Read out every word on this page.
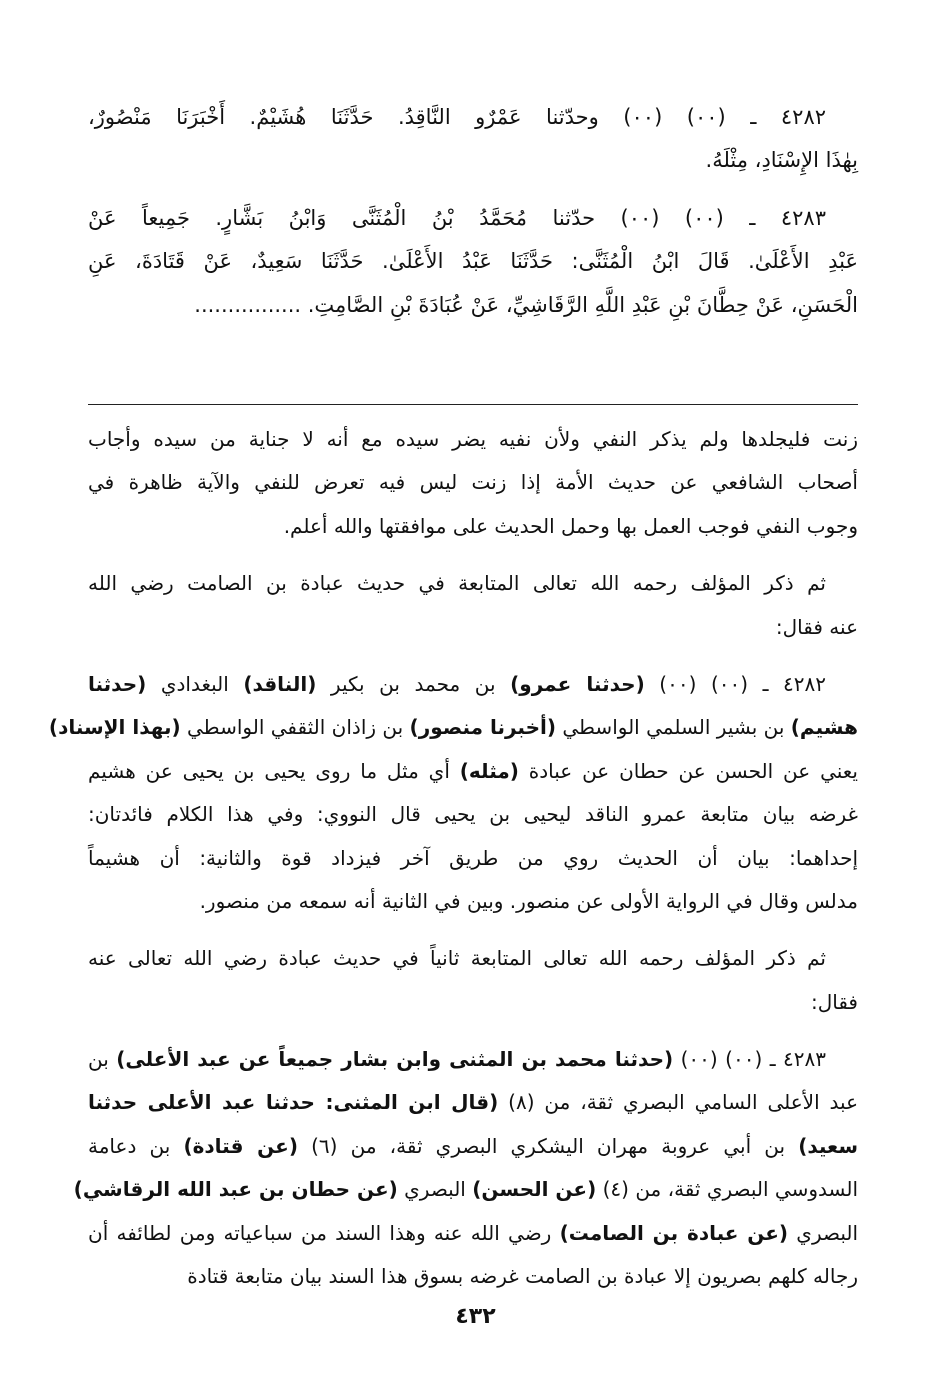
٤٢٨٢ ـ (٠٠) (٠٠) وحدّثنا عَمْرٌو النَّاقِدُ. حَدَّثَنَا هُشَيْمٌ. أَخْبَرَنَا مَنْصُورٌ،
بِهٰذَا الإِسْنَادِ، مِثْلَهُ.
٤٢٨٣ ـ (٠٠) (٠٠) حدّثنا مُحَمَّدُ بْنُ الْمُثَنَّى وَابْنُ بَشَّارٍ. جَمِيعاً عَنْ
عَبْدِ الأَعْلَىٰ. قَالَ ابْنُ الْمُثَنَّى: حَدَّثَنَا عَبْدُ الأَعْلَىٰ. حَدَّثَنَا سَعِيدٌ، عَنْ قَتَادَةَ، عَنِ
الْحَسَنِ، عَنْ حِطَّانَ بْنِ عَبْدِ اللَّهِ الرَّقَاشِيِّ، عَنْ عُبَادَةَ بْنِ الصَّامِتِ. ................
زنت فليجلدها ولم يذكر النفي ولأن نفيه يضر سيده مع أنه لا جناية من سيده وأجاب
أصحاب الشافعي عن حديث الأمة إذا زنت ليس فيه تعرض للنفي والآية ظاهرة في
وجوب النفي فوجب العمل بها وحمل الحديث على موافقتها والله أعلم.
ثم ذكر المؤلف رحمه الله تعالى المتابعة في حديث عبادة بن الصامت رضي الله
عنه فقال:
٤٢٨٢ ـ (٠٠) (٠٠) (حدثنا عمرو) بن محمد بن بكير (الناقد) البغدادي (حدثنا
هشيم) بن بشير السلمي الواسطي (أخبرنا منصور) بن زاذان الثقفي الواسطي (بهذا الإسناد)
يعني عن الحسن عن حطان عن عبادة (مثله) أي مثل ما روى يحيى بن يحيى عن هشيم
غرضه بيان متابعة عمرو الناقد ليحيى بن يحيى قال النووي: وفي هذا الكلام فائدتان:
إحداهما: بيان أن الحديث روي من طريق آخر فيزداد قوة والثانية: أن هشيماً
مدلس وقال في الرواية الأولى عن منصور. وبين في الثانية أنه سمعه من منصور.
ثم ذكر المؤلف رحمه الله تعالى المتابعة ثانياً في حديث عبادة رضي الله تعالى عنه
فقال:
٤٢٨٣ ـ (٠٠) (٠٠) (حدثنا محمد بن المثنى وابن بشار جميعاً عن عبد الأعلى) بن
عبد الأعلى السامي البصري ثقة، من (٨) (قال ابن المثنى: حدثنا عبد الأعلى حدثنا
سعيد) بن أبي عروبة مهران اليشكري البصري ثقة، من (٦) (عن قتادة) بن دعامة
السدوسي البصري ثقة، من (٤) (عن الحسن) البصري (عن حطان بن عبد الله الرقاشي)
البصري (عن عبادة بن الصامت) رضي الله عنه وهذا السند من سباعياته ومن لطائفه أن
رجاله كلهم بصريون إلا عبادة بن الصامت غرضه بسوق هذا السند بيان متابعة قتادة
٤٣٢
